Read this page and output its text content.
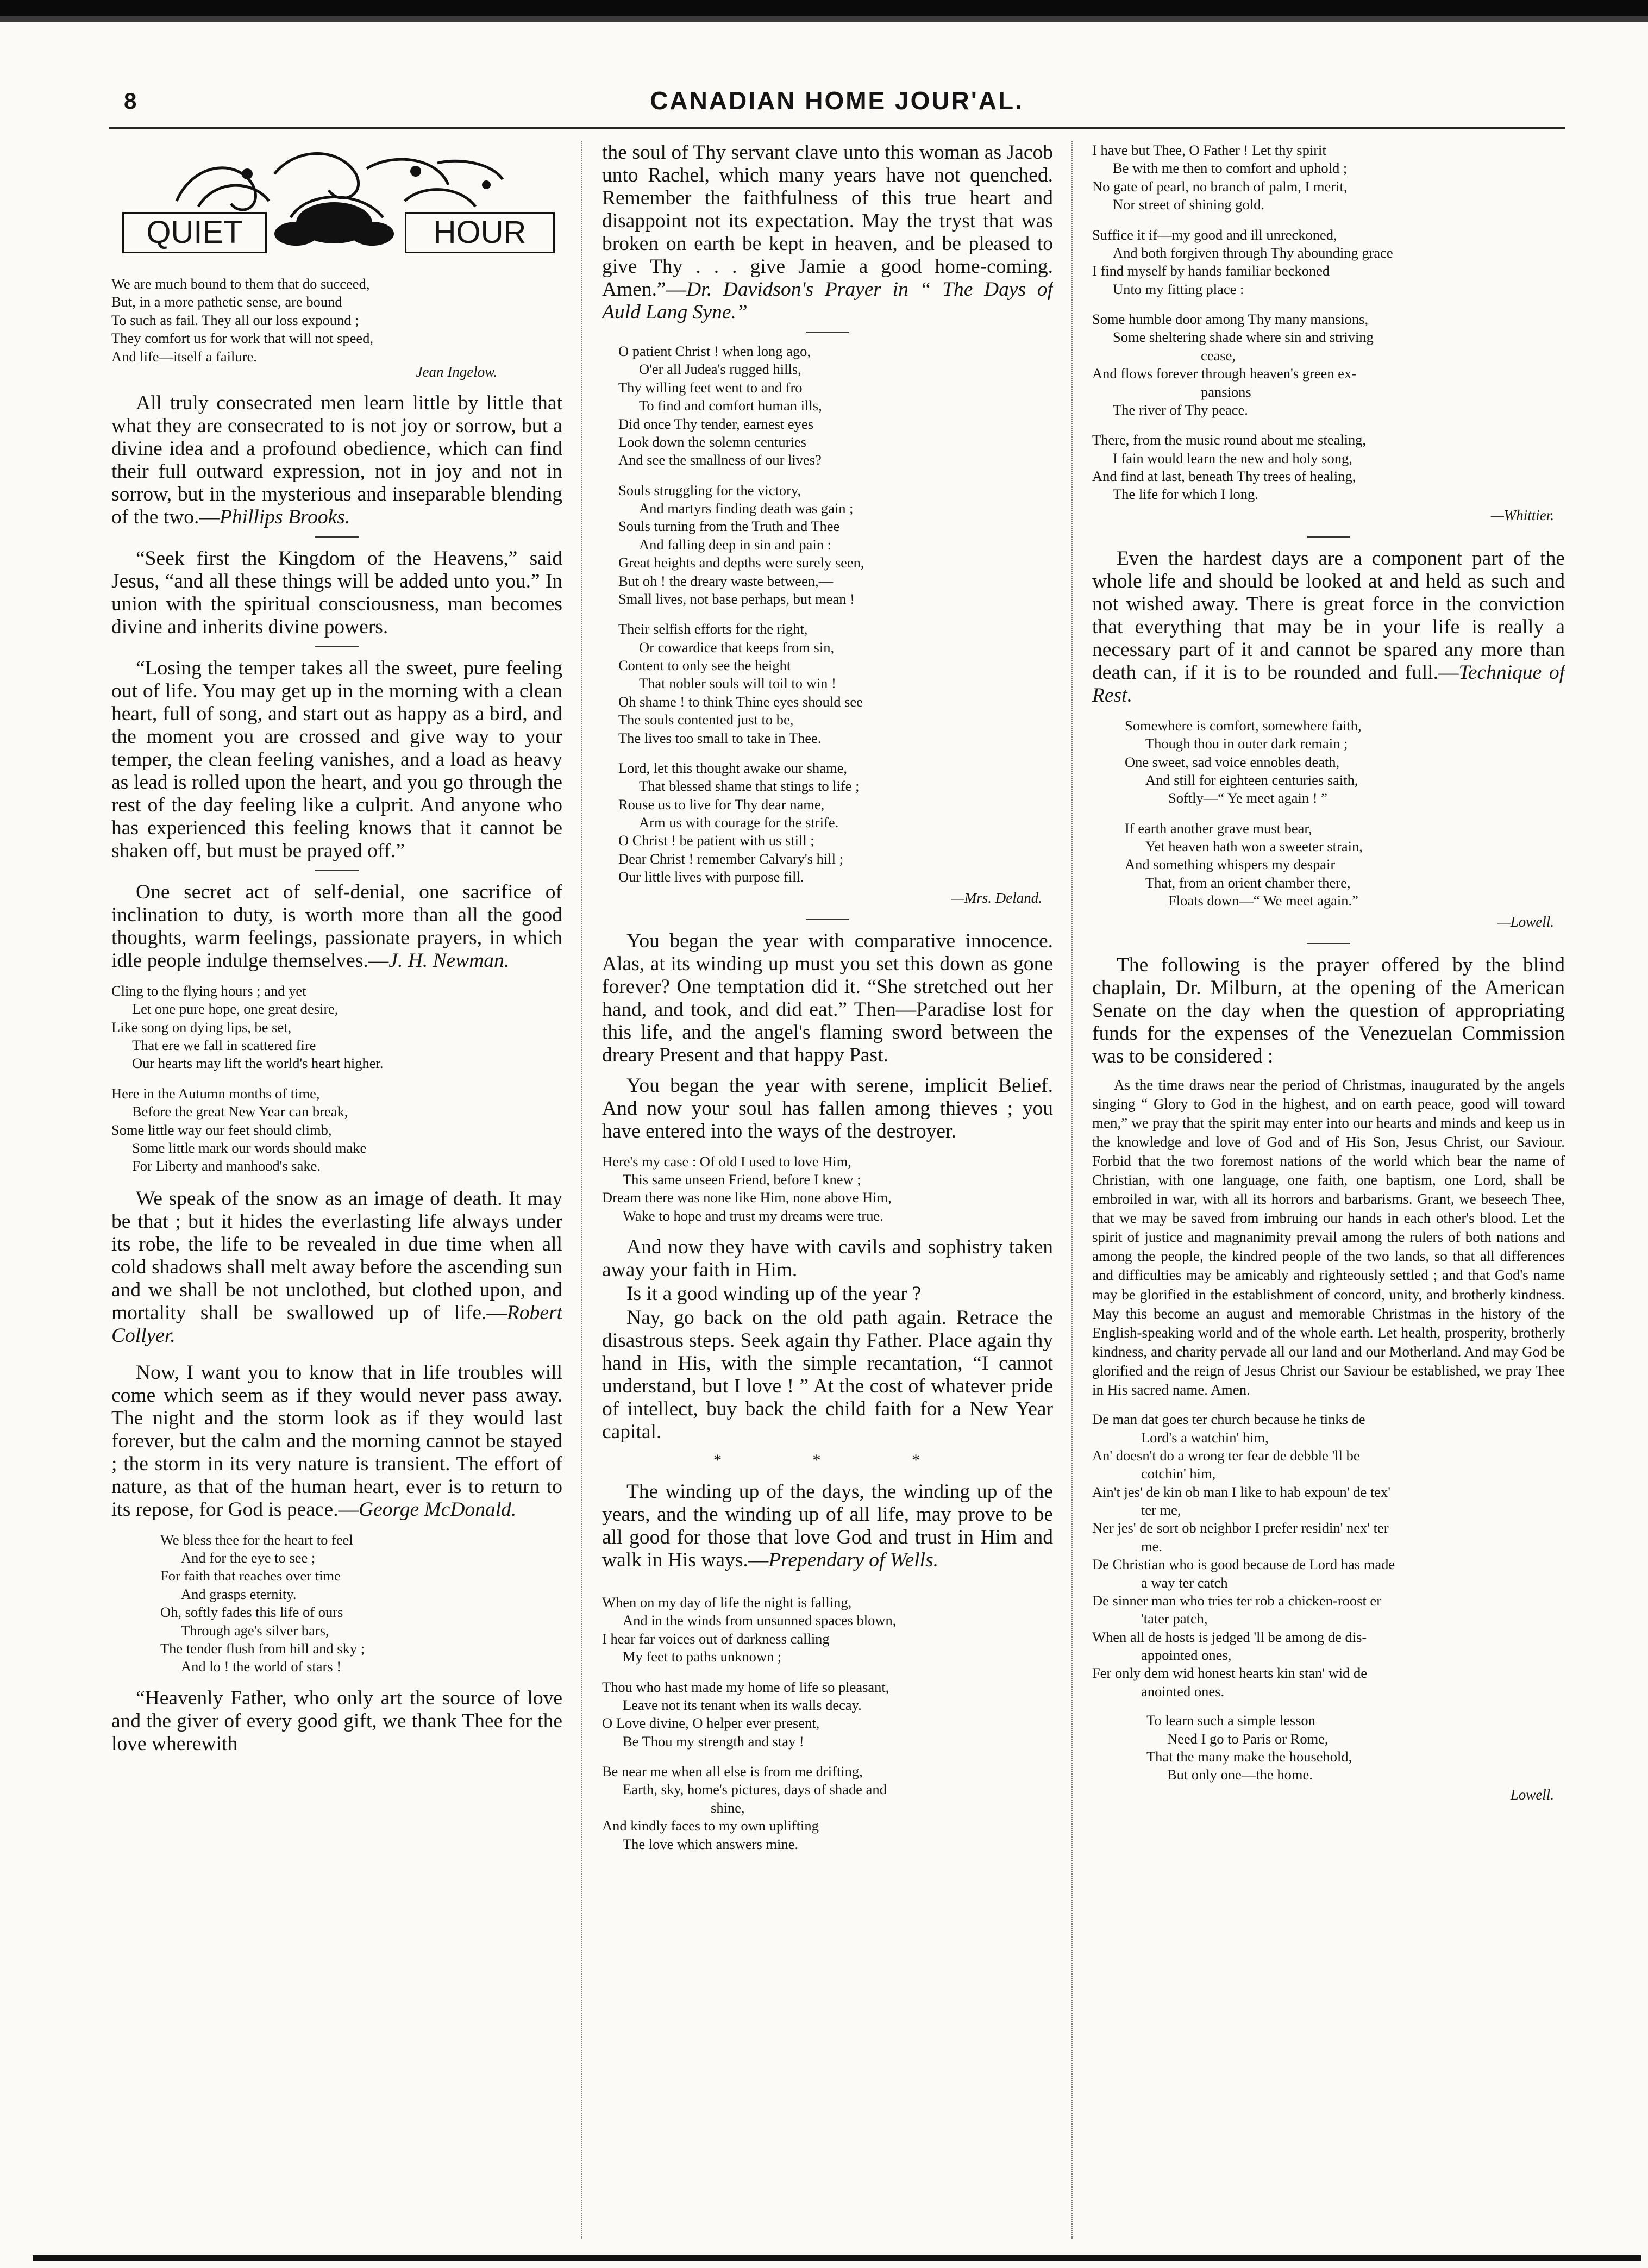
8	CANADIAN HOME JOUR'AL.
QUIET	HOUR
We are much bound to them that do succeed,
But, in a more pathetic sense, are bound
To such as fail. They all our loss expound ;
They comfort us for work that will not speed,
And life—itself a failure.
Jean Ingelow.

All truly consecrated men learn little by little that what they are consecrated to is not joy or sorrow, but a divine idea and a profound obedience, which can find their full outward expression, not in joy and not in sorrow, but in the mysterious and inseparable blending of the two.—Phillips Brooks.

“Seek first the Kingdom of the Heavens,” said Jesus, “and all these things will be added unto you.” In union with the spiritual consciousness, man becomes divine and inherits divine powers.

“Losing the temper takes all the sweet, pure feeling out of life. You may get up in the morning with a clean heart, full of song, and start out as happy as a bird, and the moment you are crossed and give way to your temper, the clean feeling vanishes, and a load as heavy as lead is rolled upon the heart, and you go through the rest of the day feeling like a culprit. And anyone who has experienced this feeling knows that it cannot be shaken off, but must be prayed off.”

One secret act of self-denial, one sacrifice of inclination to duty, is worth more than all the good thoughts, warm feelings, passionate prayers, in which idle people indulge themselves.—J. H. Newman.

Cling to the flying hours ; and yet
Let one pure hope, one great desire,
Like song on dying lips, be set,
That ere we fall in scattered fire
Our hearts may lift the world's heart higher.
Here in the Autumn months of time,
Before the great New Year can break,
Some little way our feet should climb,
Some little mark our words should make
For Liberty and manhood's sake.

We speak of the snow as an image of death. It may be that ; but it hides the everlasting life always under its robe, the life to be revealed in due time when all cold shadows shall melt away before the ascending sun and we shall be not unclothed, but clothed upon, and mortality shall be swallowed up of life.—Robert Collyer.

Now, I want you to know that in life troubles will come which seem as if they would never pass away. The night and the storm look as if they would last forever, but the calm and the morning cannot be stayed ; the storm in its very nature is transient. The effort of nature, as that of the human heart, ever is to return to its repose, for God is peace.—George McDonald.

We bless thee for the heart to feel
And for the eye to see ;
For faith that reaches over time
And grasps eternity.
Oh, softly fades this life of ours
Through age's silver bars,
The tender flush from hill and sky ;
And lo ! the world of stars !

“Heavenly Father, who only art the source of love and the giver of every good gift, we thank Thee for the love wherewith

the soul of Thy servant clave unto this woman as Jacob unto Rachel, which many years have not quenched. Remember the faithfulness of this true heart and disappoint not its expectation. May the tryst that was broken on earth be kept in heaven, and be pleased to give Thy . . . give Jamie a good home-coming. Amen.”—Dr. Davidson's Prayer in “ The Days of Auld Lang Syne.”

O patient Christ ! when long ago,
O'er all Judea's rugged hills,
Thy willing feet went to and fro
To find and comfort human ills,
Did once Thy tender, earnest eyes
Look down the solemn centuries
And see the smallness of our lives?
Souls struggling for the victory,
And martyrs finding death was gain ;
Souls turning from the Truth and Thee
And falling deep in sin and pain :
Great heights and depths were surely seen,
But oh ! the dreary waste between,—
Small lives, not base perhaps, but mean !
Their selfish efforts for the right,
Or cowardice that keeps from sin,
Content to only see the height
That nobler souls will toil to win !
Oh shame ! to think Thine eyes should see
The souls contented just to be,
The lives too small to take in Thee.
Lord, let this thought awake our shame,
That blessed shame that stings to life ;
Rouse us to live for Thy dear name,
Arm us with courage for the strife.
O Christ ! be patient with us still ;
Dear Christ ! remember Calvary's hill ;
Our little lives with purpose fill.
—Mrs. Deland.

You began the year with comparative innocence. Alas, at its winding up must you set this down as gone forever? One temptation did it. “She stretched out her hand, and took, and did eat.” Then—Paradise lost for this life, and the angel's flaming sword between the dreary Present and that happy Past.

You began the year with serene, implicit Belief. And now your soul has fallen among thieves ; you have entered into the ways of the destroyer.

Here's my case : Of old I used to love Him,
This same unseen Friend, before I knew ;
Dream there was none like Him, none above Him,
Wake to hope and trust my dreams were true.

And now they have with cavils and sophistry taken away your faith in Him.

Is it a good winding up of the year ?

Nay, go back on the old path again. Retrace the disastrous steps. Seek again thy Father. Place again thy hand in His, with the simple recantation, “I cannot understand, but I love ! ” At the cost of whatever pride of intellect, buy back the child faith for a New Year capital.

* * *

The winding up of the days, the winding up of the years, and the winding up of all life, may prove to be all good for those that love God and trust in Him and walk in His ways.—Prependary of Wells.

When on my day of life the night is falling,
And in the winds from unsunned spaces blown,
I hear far voices out of darkness calling
My feet to paths unknown ;
Thou who hast made my home of life so pleasant,
Leave not its tenant when its walls decay.
O Love divine, O helper ever present,
Be Thou my strength and stay !
Be near me when all else is from me drifting,
Earth, sky, home's pictures, days of shade and
shine,
And kindly faces to my own uplifting
The love which answers mine.
I have but Thee, O Father ! Let thy spirit
Be with me then to comfort and uphold ;
No gate of pearl, no branch of palm, I merit,
Nor street of shining gold.
Suffice it if—my good and ill unreckoned,
And both forgiven through Thy abounding grace
I find myself by hands familiar beckoned
Unto my fitting place :
Some humble door among Thy many mansions,
Some sheltering shade where sin and striving
cease,
And flows forever through heaven's green ex-
pansions
The river of Thy peace.
There, from the music round about me stealing,
I fain would learn the new and holy song,
And find at last, beneath Thy trees of healing,
The life for which I long.
—Whittier.

Even the hardest days are a component part of the whole life and should be looked at and held as such and not wished away. There is great force in the conviction that everything that may be in your life is really a necessary part of it and cannot be spared any more than death can, if it is to be rounded and full.—Technique of Rest.

Somewhere is comfort, somewhere faith,
Though thou in outer dark remain ;
One sweet, sad voice ennobles death,
And still for eighteen centuries saith,
Softly—“ Ye meet again ! ”
If earth another grave must bear,
Yet heaven hath won a sweeter strain,
And something whispers my despair
That, from an orient chamber there,
Floats down—“ We meet again.”
—Lowell.

The following is the prayer offered by the blind chaplain, Dr. Milburn, at the opening of the American Senate on the day when the question of appropriating funds for the expenses of the Venezuelan Commission was to be considered :

As the time draws near the period of Christmas, inaugurated by the angels singing “ Glory to God in the highest, and on earth peace, good will toward men,” we pray that the spirit may enter into our hearts and minds and keep us in the knowledge and love of God and of His Son, Jesus Christ, our Saviour. Forbid that the two foremost nations of the world which bear the name of Christian, with one language, one faith, one baptism, one Lord, shall be embroiled in war, with all its horrors and barbarisms. Grant, we beseech Thee, that we may be saved from imbruing our hands in each other's blood. Let the spirit of justice and magnanimity prevail among the rulers of both nations and among the people, the kindred people of the two lands, so that all differences and difficulties may be amicably and righteously settled ; and that God's name may be glorified in the establishment of concord, unity, and brotherly kindness. May this become an august and memorable Christmas in the history of the English-speaking world and of the whole earth. Let health, prosperity, brotherly kindness, and charity pervade all our land and our Motherland. And may God be glorified and the reign of Jesus Christ our Saviour be established, we pray Thee in His sacred name. Amen.

De man dat goes ter church because he tinks de
Lord's a watchin' him,
An' doesn't do a wrong ter fear de debble 'll be
cotchin' him,
Ain't jes' de kin ob man I like to hab expoun' de tex'
ter me,
Ner jes' de sort ob neighbor I prefer residin' nex' ter
me.
De Christian who is good because de Lord has made
a way ter catch
De sinner man who tries ter rob a chicken-roost er
'tater patch,
When all de hosts is jedged 'll be among de dis-
appointed ones,
Fer only dem wid honest hearts kin stan' wid de
anointed ones.
To learn such a simple lesson
Need I go to Paris or Rome,
That the many make the household,
But only one—the home.
Lowell.
